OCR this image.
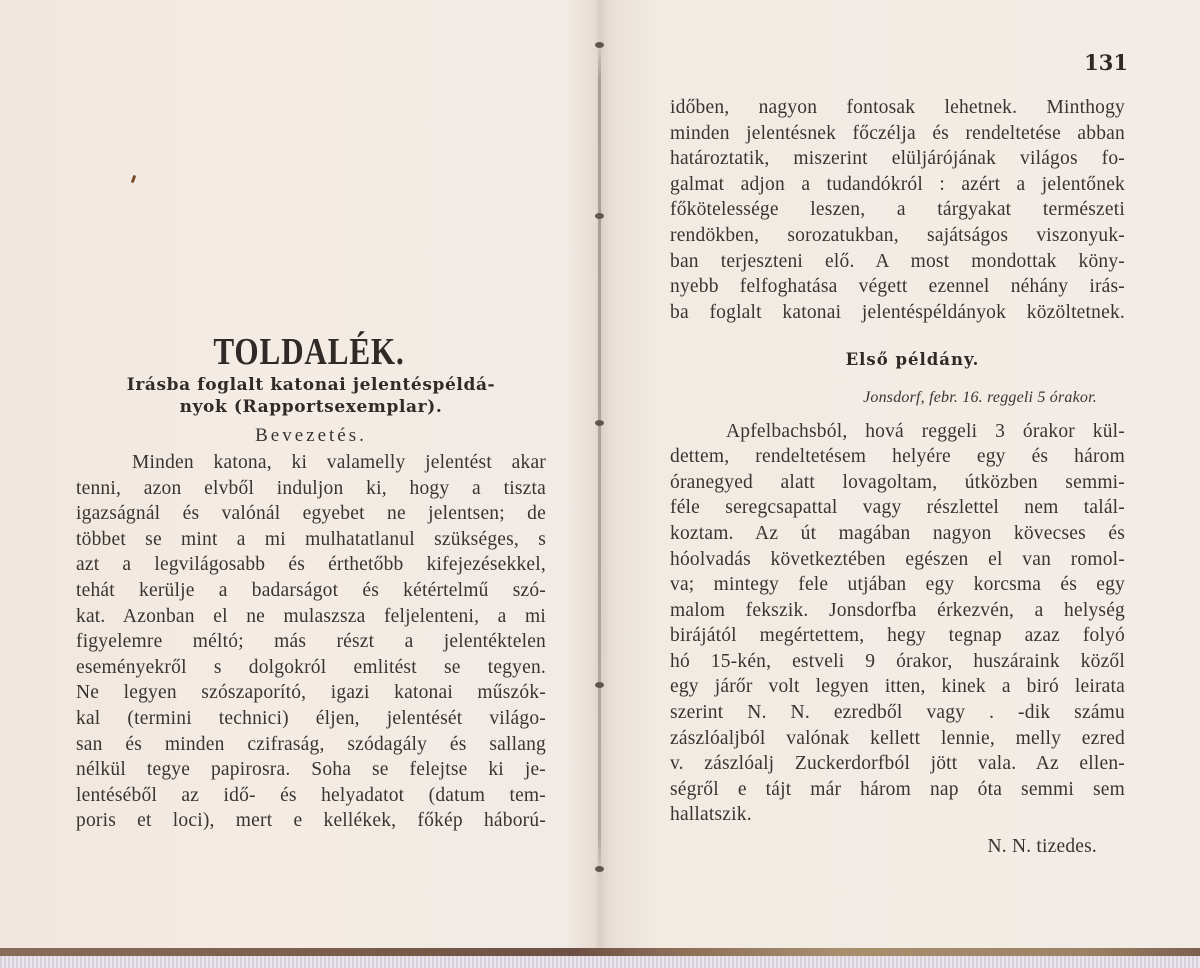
TOLDALÉK.
Irásba foglalt katonai jelentéspéldá-
nyok (Rapportsexemplar).
Bevezetés.
Minden katona, ki valamelly jelentést akar
tenni, azon elvből induljon ki, hogy a tiszta
igazságnál és valónál egyebet ne jelentsen; de
többet se mint a mi mulhatatlanul szükséges, s
azt a legvilágosabb és érthetőbb kifejezésekkel,
tehát kerülje a badarságot és kétértelmű szó-
kat. Azonban el ne mulaszsza feljelenteni, a mi
figyelemre méltó; más részt a jelentéktelen
eseményekről s dolgokról emlitést se tegyen.
Ne legyen szószaporító, igazi katonai műszók-
kal (termini technici) éljen, jelentését világo-
san és minden czifraság, szódagály és sallang
nélkül tegye papirosra. Soha se felejtse ki je-
lentéséből az idő- és helyadatot (datum tem-
poris et loci), mert e kellékek, főkép háború-
131
időben, nagyon fontosak lehetnek. Minthogy
minden jelentésnek főczélja és rendeltetése abban
határoztatik, miszerint elüljárójának világos fo-
galmat adjon a tudandókról : azért a jelentőnek
főkötelessége leszen, a tárgyakat természeti
rendökben, sorozatukban, sajátságos viszonyuk-
ban terjeszteni elő. A most mondottak köny-
nyebb felfoghatása végett ezennel néhány irás-
ba foglalt katonai jelentéspéldányok közöltetnek.
Első példány.
Jonsdorf, febr. 16. reggeli 5 órakor.
Apfelbachsból, hová reggeli 3 órakor kül-
dettem, rendeltetésem helyére egy és három
óranegyed alatt lovagoltam, útközben semmi-
féle seregcsapattal vagy részlettel nem talál-
koztam. Az út magában nagyon kövecses és
hóolvadás következtében egészen el van romol-
va; mintegy fele utjában egy korcsma és egy
malom fekszik. Jonsdorfba érkezvén, a helység
birájától megértettem, hegy tegnap azaz folyó
hó 15-kén, estveli 9 órakor, huszáraink közől
egy járőr volt legyen itten, kinek a biró leirata
szerint N. N. ezredből vagy . -dik számu
zászlóaljból valónak kellett lennie, melly ezred
v. zászlóalj Zuckerdorfból jött vala. Az ellen-
ségről e tájt már három nap óta semmi sem
hallatszik.
N. N. tizedes.
